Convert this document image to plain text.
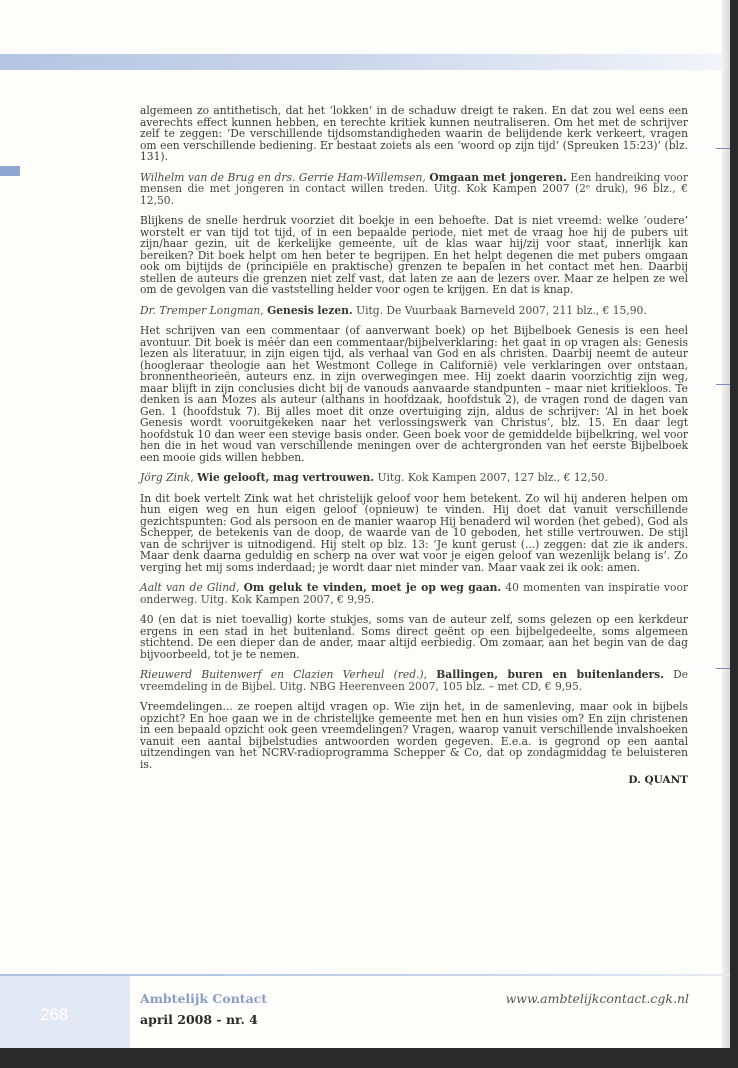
algemeen zo antithetisch, dat het ‘lokken’ in de schaduw dreigt te raken. En dat zou wel eens een averechts effect kunnen hebben, en terechte kritiek kunnen neutraliseren. Om het met de schrijver zelf te zeggen: ‘De verschillende tijdsomstandigheden waarin de belijdende kerk verkeert, vragen om een verschillende bediening. Er bestaat zoiets als een ‘woord op zijn tijd’ (Spreuken 15:23)’ (blz. 131).

Wilhelm van de Brug en drs. Gerrie Ham-Willemsen, Omgaan met jongeren. Een handreiking voor mensen die met jongeren in contact willen treden. Uitg. Kok Kampen 2007 (2ᵉ druk), 96 blz., € 12,50.

Blijkens de snelle herdruk voorziet dit boekje in een behoefte. Dat is niet vreemd: welke ‘oudere’ worstelt er van tijd tot tijd, of in een bepaalde periode, niet met de vraag hoe hij de pubers uit zijn/haar gezin, uit de kerkelijke gemeente, uit de klas waar hij/zij voor staat, innerlijk kan bereiken? Dit boek helpt om hen beter te begrijpen. En het helpt degenen die met pubers omgaan ook om bijtijds de (principiële en praktische) grenzen te bepalen in het contact met hen. Daarbij stellen de auteurs die grenzen niet zelf vast, dat laten ze aan de lezers over. Maar ze helpen ze wel om de gevolgen van die vaststelling helder voor ogen te krijgen. En dat is knap.

Dr. Tremper Longman, Genesis lezen. Uitg. De Vuurbaak Barneveld 2007, 211 blz., € 15,90.

Het schrijven van een commentaar (of aanverwant boek) op het Bijbelboek Genesis is een heel avontuur. Dit boek is méér dan een commentaar/bijbelverklaring: het gaat in op vragen als: Genesis lezen als literatuur, in zijn eigen tijd, als verhaal van God en als christen. Daarbij neemt de auteur (hoogleraar theologie aan het Westmont College in Californië) vele verklaringen over ontstaan, bronnentheorieën, auteurs enz. in zijn overwegingen mee. Hij zoekt daarin voorzichtig zijn weg, maar blijft in zijn conclusies dicht bij de vanouds aanvaarde standpunten – maar niet kritiekloos. Te denken is aan Mozes als auteur (althans in hoofdzaak, hoofdstuk 2), de vragen rond de dagen van Gen. 1 (hoofdstuk 7). Bij alles moet dit onze overtuiging zijn, aldus de schrijver: ‘Al in het boek Genesis wordt vooruitgekeken naar het verlossingswerk van Christus’, blz. 15. En daar legt hoofdstuk 10 dan weer een stevige basis onder. Geen boek voor de gemiddelde bijbelkring, wel voor hen die in het woud van verschillende meningen over de achtergronden van het eerste Bijbelboek een mooie gids willen hebben.

Jörg Zink, Wie gelooft, mag vertrouwen. Uitg. Kok Kampen 2007, 127 blz., € 12,50.

In dit boek vertelt Zink wat het christelijk geloof voor hem betekent. Zo wil hij anderen helpen om hun eigen weg en hun eigen geloof (opnieuw) te vinden. Hij doet dat vanuit verschillende gezichtspunten: God als persoon en de manier waarop Hij benaderd wil worden (het gebed), God als Schepper, de betekenis van de doop, de waarde van de 10 geboden, het stille vertrouwen. De stijl van de schrijver is uitnodigend. Hij stelt op blz. 13: ‘Je kunt gerust (...) zeggen: dat zie ik anders. Maar denk daarna geduldig en scherp na over wat voor je eigen geloof van wezenlijk belang is’. Zo verging het mij soms inderdaad; je wordt daar niet minder van. Maar vaak zei ik ook: amen.

Aalt van de Glind, Om geluk te vinden, moet je op weg gaan. 40 momenten van inspiratie voor onderweg. Uitg. Kok Kampen 2007, € 9,95.

40 (en dat is niet toevallig) korte stukjes, soms van de auteur zelf, soms gelezen op een kerkdeur ergens in een stad in het buitenland. Soms direct geënt op een bijbelgedeelte, soms algemeen stichtend. De een dieper dan de ander, maar altijd eerbiedig. Om zomaar, aan het begin van de dag bijvoorbeeld, tot je te nemen.

Rieuwerd Buitenwerf en Clazien Verheul (red.), Ballingen, buren en buitenlanders. De vreemdeling in de Bijbel. Uitg. NBG Heerenveen 2007, 105 blz. – met CD, € 9,95.

Vreemdelingen... ze roepen altijd vragen op. Wie zijn het, in de samenleving, maar ook in bijbels opzicht? En hoe gaan we in de christelijke gemeente met hen en hun visies om? En zijn christenen in een bepaald opzicht ook geen vreemdelingen? Vragen, waarop vanuit verschillende invalshoeken vanuit een aantal bijbelstudies antwoorden worden gegeven. E.e.a. is gegrond op een aantal uitzendingen van het NCRV-radioprogramma Schepper & Co, dat op zondagmiddag te beluisteren is.

D. QUANT
268
Ambtelijk Contact
april 2008 - nr. 4
www.ambtelijkcontact.cgk.nl
